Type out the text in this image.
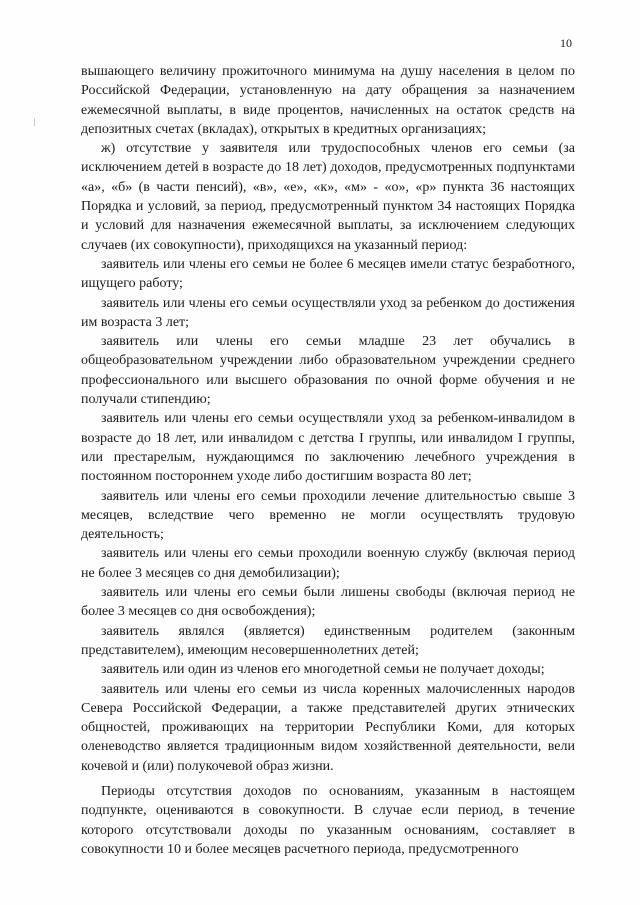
10

вышающего величину прожиточного минимума на душу населения в целом по Российской Федерации, установленную на дату обращения за назначением ежемесячной выплаты, в виде процентов, начисленных на остаток средств на депозитных счетах (вкладах), открытых в кредитных организациях;

ж) отсутствие у заявителя или трудоспособных членов его семьи (за исключением детей в возрасте до 18 лет) доходов, предусмотренных подпунктами «а», «б» (в части пенсий), «в», «е», «к», «м» - «о», «р» пункта 36 настоящих Порядка и условий, за период, предусмотренный пунктом 34 настоящих Порядка и условий для назначения ежемесячной выплаты, за исключением следующих случаев (их совокупности), приходящихся на указанный период:

заявитель или члены его семьи не более 6 месяцев имели статус безработного, ищущего работу;

заявитель или члены его семьи осуществляли уход за ребенком до достижения им возраста 3 лет;

заявитель или члены его семьи младше 23 лет обучались в общеобразовательном учреждении либо образовательном учреждении среднего профессионального или высшего образования по очной форме обучения и не получали стипендию;

заявитель или члены его семьи осуществляли уход за ребенком-инвалидом в возрасте до 18 лет, или инвалидом с детства I группы, или инвалидом I группы, или престарелым, нуждающимся по заключению лечебного учреждения в постоянном постороннем уходе либо достигшим возраста 80 лет;

заявитель или члены его семьи проходили лечение длительностью свыше 3 месяцев, вследствие чего временно не могли осуществлять трудовую деятельность;

заявитель или члены его семьи проходили военную службу (включая период не более 3 месяцев со дня демобилизации);

заявитель или члены его семьи были лишены свободы (включая период не более 3 месяцев со дня освобождения);

заявитель являлся (является) единственным родителем (законным представителем), имеющим несовершеннолетних детей;

заявитель или один из членов его многодетной семьи не получает доходы;

заявитель или члены его семьи из числа коренных малочисленных народов Севера Российской Федерации, а также представителей других этнических общностей, проживающих на территории Республики Коми, для которых оленеводство является традиционным видом хозяйственной деятельности, вели кочевой и (или) полукочевой образ жизни.

Периоды отсутствия доходов по основаниям, указанным в настоящем подпункте, оцениваются в совокупности. В случае если период, в течение которого отсутствовали доходы по указанным основаниям, составляет в совокупности 10 и более месяцев расчетного периода, предусмотренного
